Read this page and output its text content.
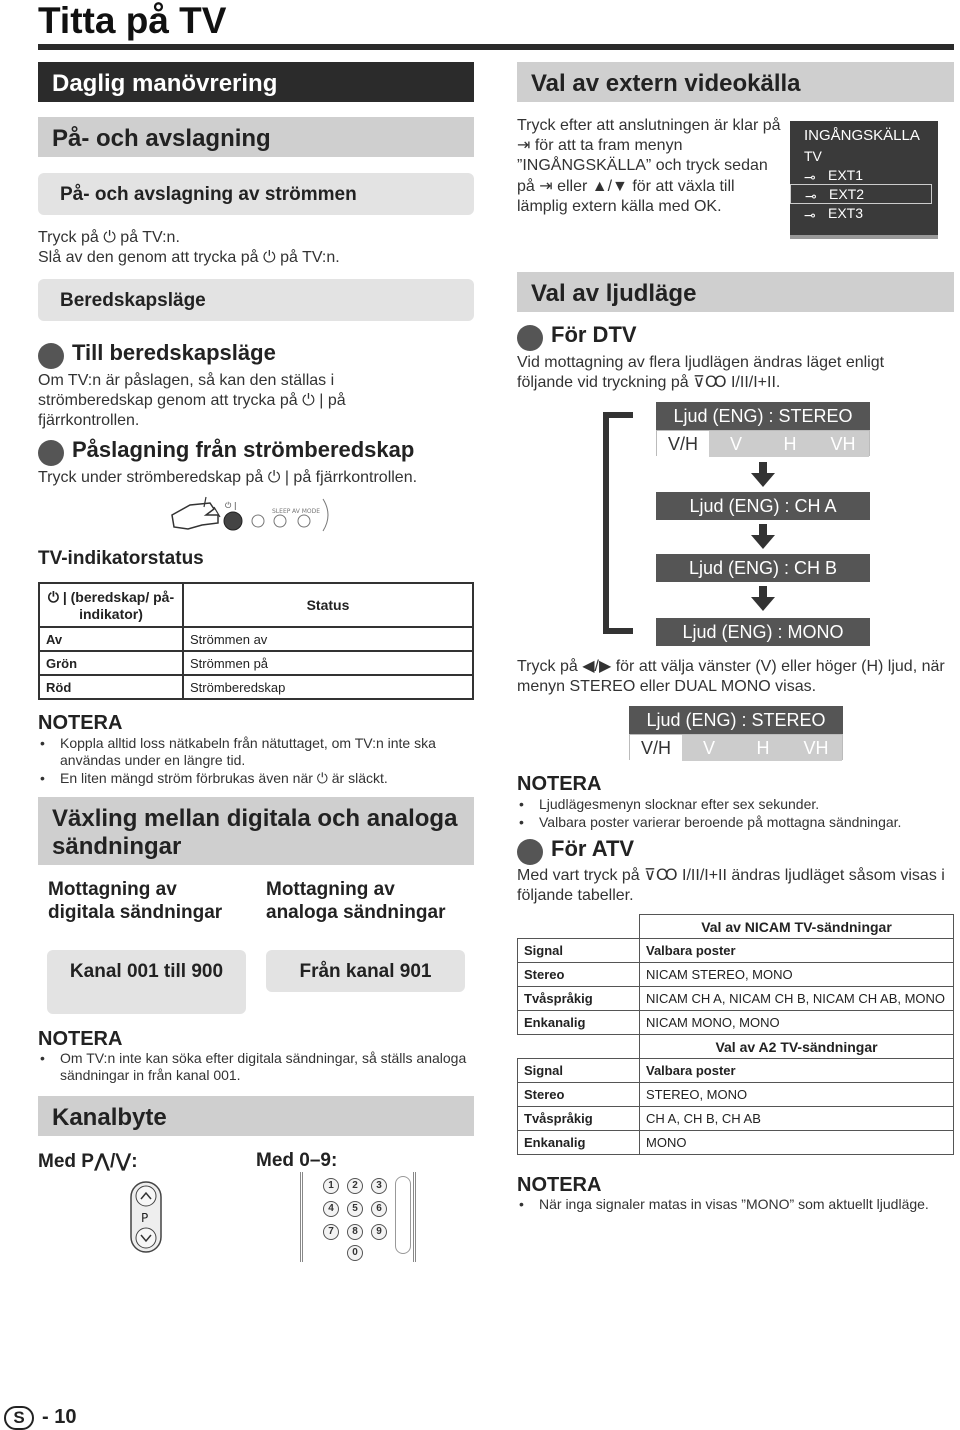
Titta på TV
Daglig manövrering
På- och avslagning
På- och avslagning av strömmen
Tryck på ⏻ på TV:n.
Slå av den genom att trycka på ⏻ på TV:n.
Beredskapsläge
Till beredskapsläge
Om TV:n är påslagen, så kan den ställas i strömberedskap genom att trycka på ⏻ | på fjärrkontrollen.
Påslagning från strömberedskap
Tryck under strömberedskap på ⏻ | på fjärrkontrollen.
⏻ |
SLEEP AV MODE
TV-indikatorstatus
⏻ | (beredskap/ på-indikator)	Status
Av	Strömmen av
Grön	Strömmen på
Röd	Strömberedskap
NOTERA
• Koppla alltid loss nätkabeln från nätuttaget, om TV:n inte ska användas under en längre tid.
• En liten mängd ström förbrukas även när ⏻ är släckt.
Växling mellan digitala och analoga sändningar
Mottagning av digitala sändningar
Mottagning av analoga sändningar
Kanal 001 till 900	Från kanal 901
NOTERA
• Om TV:n inte kan söka efter digitala sändningar, så ställs analoga sändningar in från kanal 001.
Kanalbyte
Med P⋀/⋁:	Med 0–9:
P
1	2	3
4	5	6
7	8	9
0
Val av extern videokälla
Tryck efter att anslutningen är klar på ⇥ för att ta fram menyn ”INGÅNGSKÄLLA” och tryck sedan på ⇥ eller ▲/▼ för att växla till lämplig extern källa med OK.
INGÅNGSKÄLLA
TV
⊸ EXT1
⊸ EXT2
⊸ EXT3
Val av ljudläge
För DTV
Vid mottagning av flera ljudlägen ändras läget enligt följande vid tryckning på ⊽Ꝏ I/II/I+II.
Ljud (ENG) : STEREO
V/H V H VH
Ljud (ENG) : CH A
Ljud (ENG) : CH B
Ljud (ENG) : MONO
Tryck på ◀/▶ för att välja vänster (V) eller höger (H) ljud, när menyn STEREO eller DUAL MONO visas.
Ljud (ENG) : STEREO
V/H V H VH
NOTERA
• Ljudlägesmenyn slocknar efter sex sekunder.
• Valbara poster varierar beroende på mottagna sändningar.
För ATV
Med vart tryck på ⊽Ꝏ I/II/I+II ändras ljudläget såsom visas i följande tabeller.
	Val av NICAM TV-sändningar
Signal	Valbara poster
Stereo	NICAM STEREO, MONO
Tvåspråkig	NICAM CH A, NICAM CH B, NICAM CH AB, MONO
Enkanalig	NICAM MONO, MONO
	Val av A2 TV-sändningar
Signal	Valbara poster
Stereo	STEREO, MONO
Tvåspråkig	CH A, CH B, CH AB
Enkanalig	MONO
NOTERA
• När inga signaler matas in visas ”MONO” som aktuellt ljudläge.
S - 10
